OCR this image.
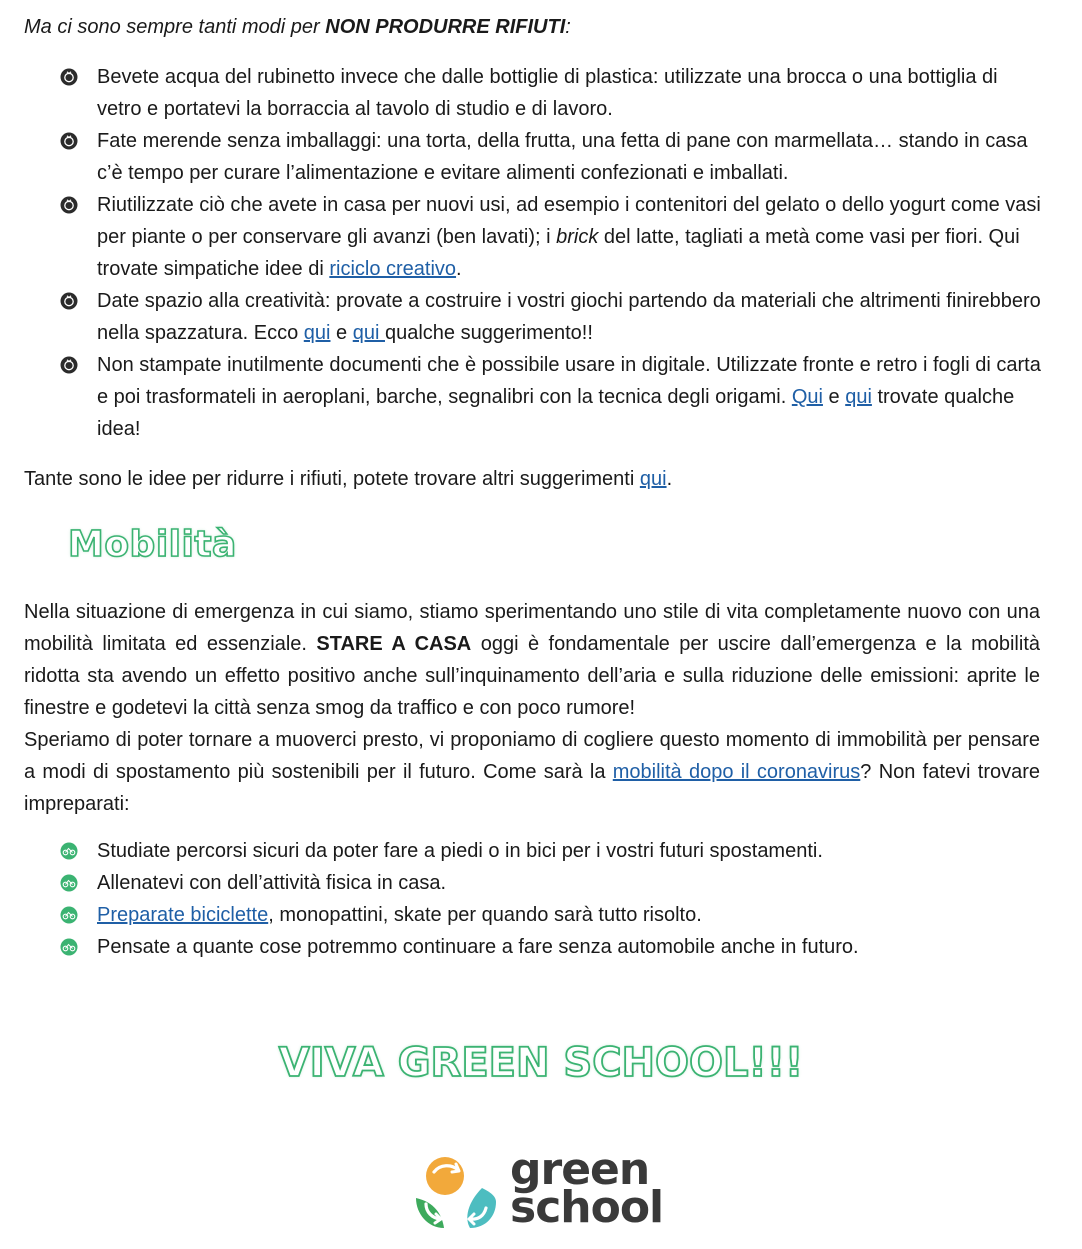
Ma ci sono sempre tanti modi per NON PRODURRE RIFIUTI:
Bevete acqua del rubinetto invece che dalle bottiglie di plastica: utilizzate una brocca o una bottiglia di vetro e portatevi la borraccia al tavolo di studio e di lavoro.
Fate merende senza imballaggi: una torta, della frutta, una fetta di pane con marmellata… stando in casa c’è tempo per curare l’alimentazione e evitare alimenti confezionati e imballati.
Riutilizzate ciò che avete in casa per nuovi usi, ad esempio i contenitori del gelato o dello yogurt come vasi per piante o per conservare gli avanzi (ben lavati); i brick del latte, tagliati a metà come vasi per fiori. Qui trovate simpatiche idee di riciclo creativo.
Date spazio alla creatività: provate a costruire i vostri giochi partendo da materiali che altrimenti finirebbero nella spazzatura. Ecco qui e qui qualche suggerimento!!
Non stampate inutilmente documenti che è possibile usare in digitale. Utilizzate fronte e retro i fogli di carta e poi trasformateli in aeroplani, barche, segnalibri con la tecnica degli origami. Qui e qui trovate qualche idea!
Tante sono le idee per ridurre i rifiuti, potete trovare altri suggerimenti qui.
Mobilità
Nella situazione di emergenza in cui siamo, stiamo sperimentando uno stile di vita completamente nuovo con una mobilità limitata ed essenziale. STARE A CASA oggi è fondamentale per uscire dall’emergenza e la mobilità ridotta sta avendo un effetto positivo anche sull’inquinamento dell’aria e sulla riduzione delle emissioni: aprite le finestre e godetevi la città senza smog da traffico e con poco rumore!
Speriamo di poter tornare a muoverci presto, vi proponiamo di cogliere questo momento di immobilità per pensare a modi di spostamento più sostenibili per il futuro. Come sarà la mobilità dopo il coronavirus? Non fatevi trovare impreparati:
Studiate percorsi sicuri da poter fare a piedi o in bici per i vostri futuri spostamenti.
Allenatevi con dell’attività fisica in casa.
Preparate biciclette, monopattini, skate per quando sarà tutto risolto.
Pensate a quante cose potremmo continuare a fare senza automobile anche in futuro.
VIVA GREEN SCHOOL!!!
green
school
